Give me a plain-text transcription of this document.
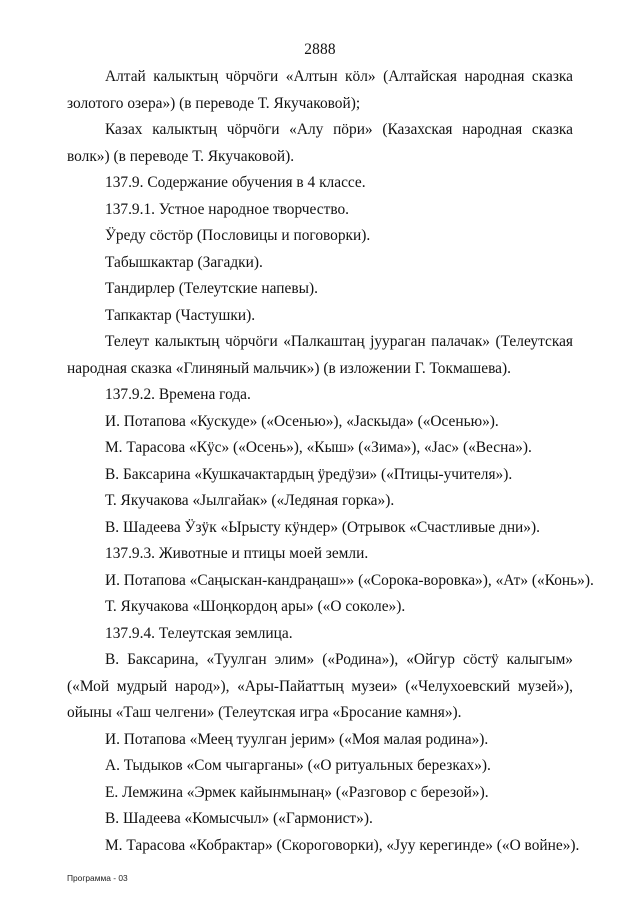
2888
Алтай калыктың чӧрчӧги «Алтын кӧл» (Алтайская народная сказка
золотого озера») (в переводе Т. Якучаковой);
Казах калыктың чӧрчӧги «Алу пӧри» (Казахская народная сказка
волк») (в переводе Т. Якучаковой).
137.9. Содержание обучения в 4 классе.
137.9.1. Устное народное творчество.
Ӱреду сӧстӧр (Пословицы и поговорки).
Табышкактар (Загадки).
Тандирлер (Телеутские напевы).
Тапкактар (Частушки).
Телеут калыктың чӧрчӧги «Палкаштаң јуураган палачак» (Телеутская
народная сказка «Глиняный мальчик») (в изложении Г. Токмашева).
137.9.2. Времена года.
И. Потапова «Кускуде» («Осенью»), «Јаскыда» («Осенью»).
М. Тарасова «Кӱс» («Осень»), «Кыш» («Зима»), «Јас» («Весна»).
В. Баксарина «Кушкачактардың ӱредӱзи» («Птицы-учителя»).
Т. Якучакова «Јылгайак» («Ледяная горка»).
В. Шадеева Ӱзӱк «Ырысту кӱндер» (Отрывок «Счастливые дни»).
137.9.3. Животные и птицы моей земли.
И. Потапова «Саңыскан-кандраңаш»» («Сорока-воровка»), «Ат» («Конь»).
Т. Якучакова «Шоңкордоң ары» («О соколе»).
137.9.4. Телеутская землица.
В. Баксарина, «Туулган элим» («Родина»), «Ойгур сӧстӱ калыгым»
(«Мой мудрый народ»), «Ары-Пайаттың музеи» («Челухоевский музей»),
ойыны «Таш челгени» (Телеутская игра «Бросание камня»).
И. Потапова «Меең туулган јерим» («Моя малая родина»).
А. Тыдыков «Сом чыгарганы» («О ритуальных березках»).
Е. Лемжина «Эрмек кайынмынаң» («Разговор с березой»).
В. Шадеева «Комысчыл» («Гармонист»).
М. Тарасова «Кобрактар» (Скороговорки), «Јуу керегинде» («О войне»).
Программа - 03
